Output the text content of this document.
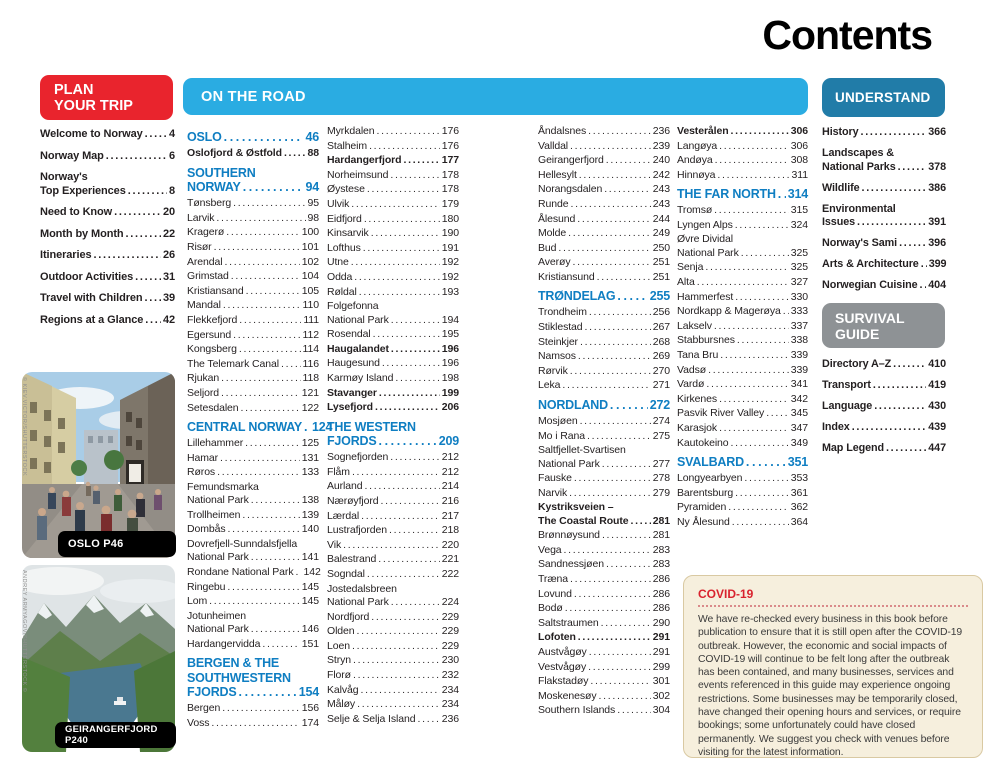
Contents
PLAN
YOUR TRIP
ON THE ROAD	UNDERSTAND
SURVIVAL
GUIDE
Welcome to Norway ..... 4
Norway Map .....	6
Norway's
Top Experiences .....	8
Need to Know .....	20
Month by Month .....	22
Itineraries .....	26
Outdoor Activities .....	31
Travel with Children ..... 39
Regions at a Glance ..... 42
OSLO .....	46
Oslofjord & Østfold ..... 88
SOUTHERN
NORWAY .....	94
Tønsberg .....	95
Larvik .....	98
Kragerø .....	100
Risør .....	101
Arendal .....	102
Grimstad .....	104
Kristiansand .....	105
Mandal .....	110
Flekkefjord .....	111
Egersund .....	112
Kongsberg .....	114
The Telemark Canal ..... 116
Rjukan .....	118
Seljord .....	121
Setesdalen .....	122
CENTRAL NORWAY ..... 124
Lillehammer .....	125
Hamar .....	131
Røros .....	133
Femundsmarka
National Park .....	138
Trollheimen .....	139
Dombås .....	140
Dovrefjell-Sunndalsfjella
National Park .....	141
Rondane National Park ..... 142
Ringebu .....	145
Lom .....	145
Jotunheimen
National Park .....	146
Hardangervidda .....	151
BERGEN & THE
SOUTHWESTERN
FJORDS .....	154
Bergen .....	156
Voss .....	174
Myrkdalen .....	176
Stalheim .....	176
Hardangerfjord .....	177
Norheimsund .....	178
Øystese .....	178
Ulvik .....	179
Eidfjord .....	180
Kinsarvik .....	190
Lofthus .....	191
Utne .....	192
Odda .....	192
Røldal .....	193
Folgefonna
National Park .....	194
Rosendal .....	195
Haugalandet .....	196
Haugesund .....	196
Karmøy Island .....	198
Stavanger .....	199
Lysefjord .....	206
THE WESTERN
FJORDS .....	209
Sognefjorden .....	212
Flåm .....	212
Aurland .....	214
Nærøyfjord .....	216
Lærdal .....	217
Lustrafjorden .....	218
Vik .....	220
Balestrand .....	221
Sogndal .....	222
Jostedalsbreen
National Park .....	224
Nordfjord .....	229
Olden .....	229
Loen .....	229
Stryn .....	230
Florø .....	232
Kalvåg .....	234
Måløy .....	234
Selje & Selja Island .....	236
Åndalsnes .....	236
Valldal .....	239
Geirangerfjord .....	240
Hellesylt .....	242
Norangsdalen .....	243
Runde .....	243
Ålesund .....	244
Molde .....	249
Bud .....	250
Averøy .....	251
Kristiansund .....	251
TRØNDELAG .....	255
Trondheim .....	256
Stiklestad .....	267
Steinkjer .....	268
Namsos .....	269
Rørvik .....	270
Leka .....	271
NORDLAND .....	272
Mosjøen .....	274
Mo i Rana .....	275
Saltfjellet-Svartisen
National Park .....	277
Fauske .....	278
Narvik .....	279
Kystriksveien –
The Coastal Route ..... 281
Brønnøysund .....	281
Vega .....	283
Sandnessjøen .....	283
Træna .....	286
Lovund .....	286
Bodø .....	286
Saltstraumen .....	290
Lofoten .....	291
Austvågøy .....	291
Vestvågøy .....	299
Flakstadøy .....	301
Moskenesøy .....	302
Southern Islands .....	304
Vesterålen .....	306
Langøya .....	306
Andøya .....	308
Hinnøya .....	311
THE FAR NORTH ..... 314
Tromsø .....	315
Lyngen Alps .....	324
Øvre Dividal
National Park .....	325
Senja .....	325
Alta .....	327
Hammerfest .....	330
Nordkapp & Magerøya ..... 333
Lakselv .....	337
Stabbursnes .....	338
Tana Bru .....	339
Vadsø .....	339
Vardø .....	341
Kirkenes .....	342
Pasvik River Valley .....	345
Karasjok .....	347
Kautokeino .....	349
SVALBARD .....	351
Longyearbyen .....	353
Barentsburg .....	361
Pyramiden .....	362
Ny Ålesund .....	364
History .....	366
Landscapes &
National Parks .....	378
Wildlife .....	386
Environmental
Issues .....	391
Norway's Sami .....	396
Arts & Architecture ..... 399
Norwegian Cuisine ..... 404
Directory A–Z .....	410
Transport .....	419
Language .....	430
Index .....	439
Map Legend .....	447
© KIEV.VICTOR/SHUTTERSTOCK
OSLO P46
ANDREY ARMYAGOV/SHUTTERSTOCK ©
GEIRANGERFJORD P240
COVID-19
We have re-checked every business in this book before publication to ensure that it is still open after the COVID-19 outbreak. However, the economic and social impacts of COVID-19 will continue to be felt long after the outbreak has been contained, and many businesses, services and events referenced in this guide may experience ongoing restrictions. Some businesses may be temporarily closed, have changed their opening hours and services, or require bookings; some unfortunately could have closed permanently. We suggest you check with venues before visiting for the latest information.
